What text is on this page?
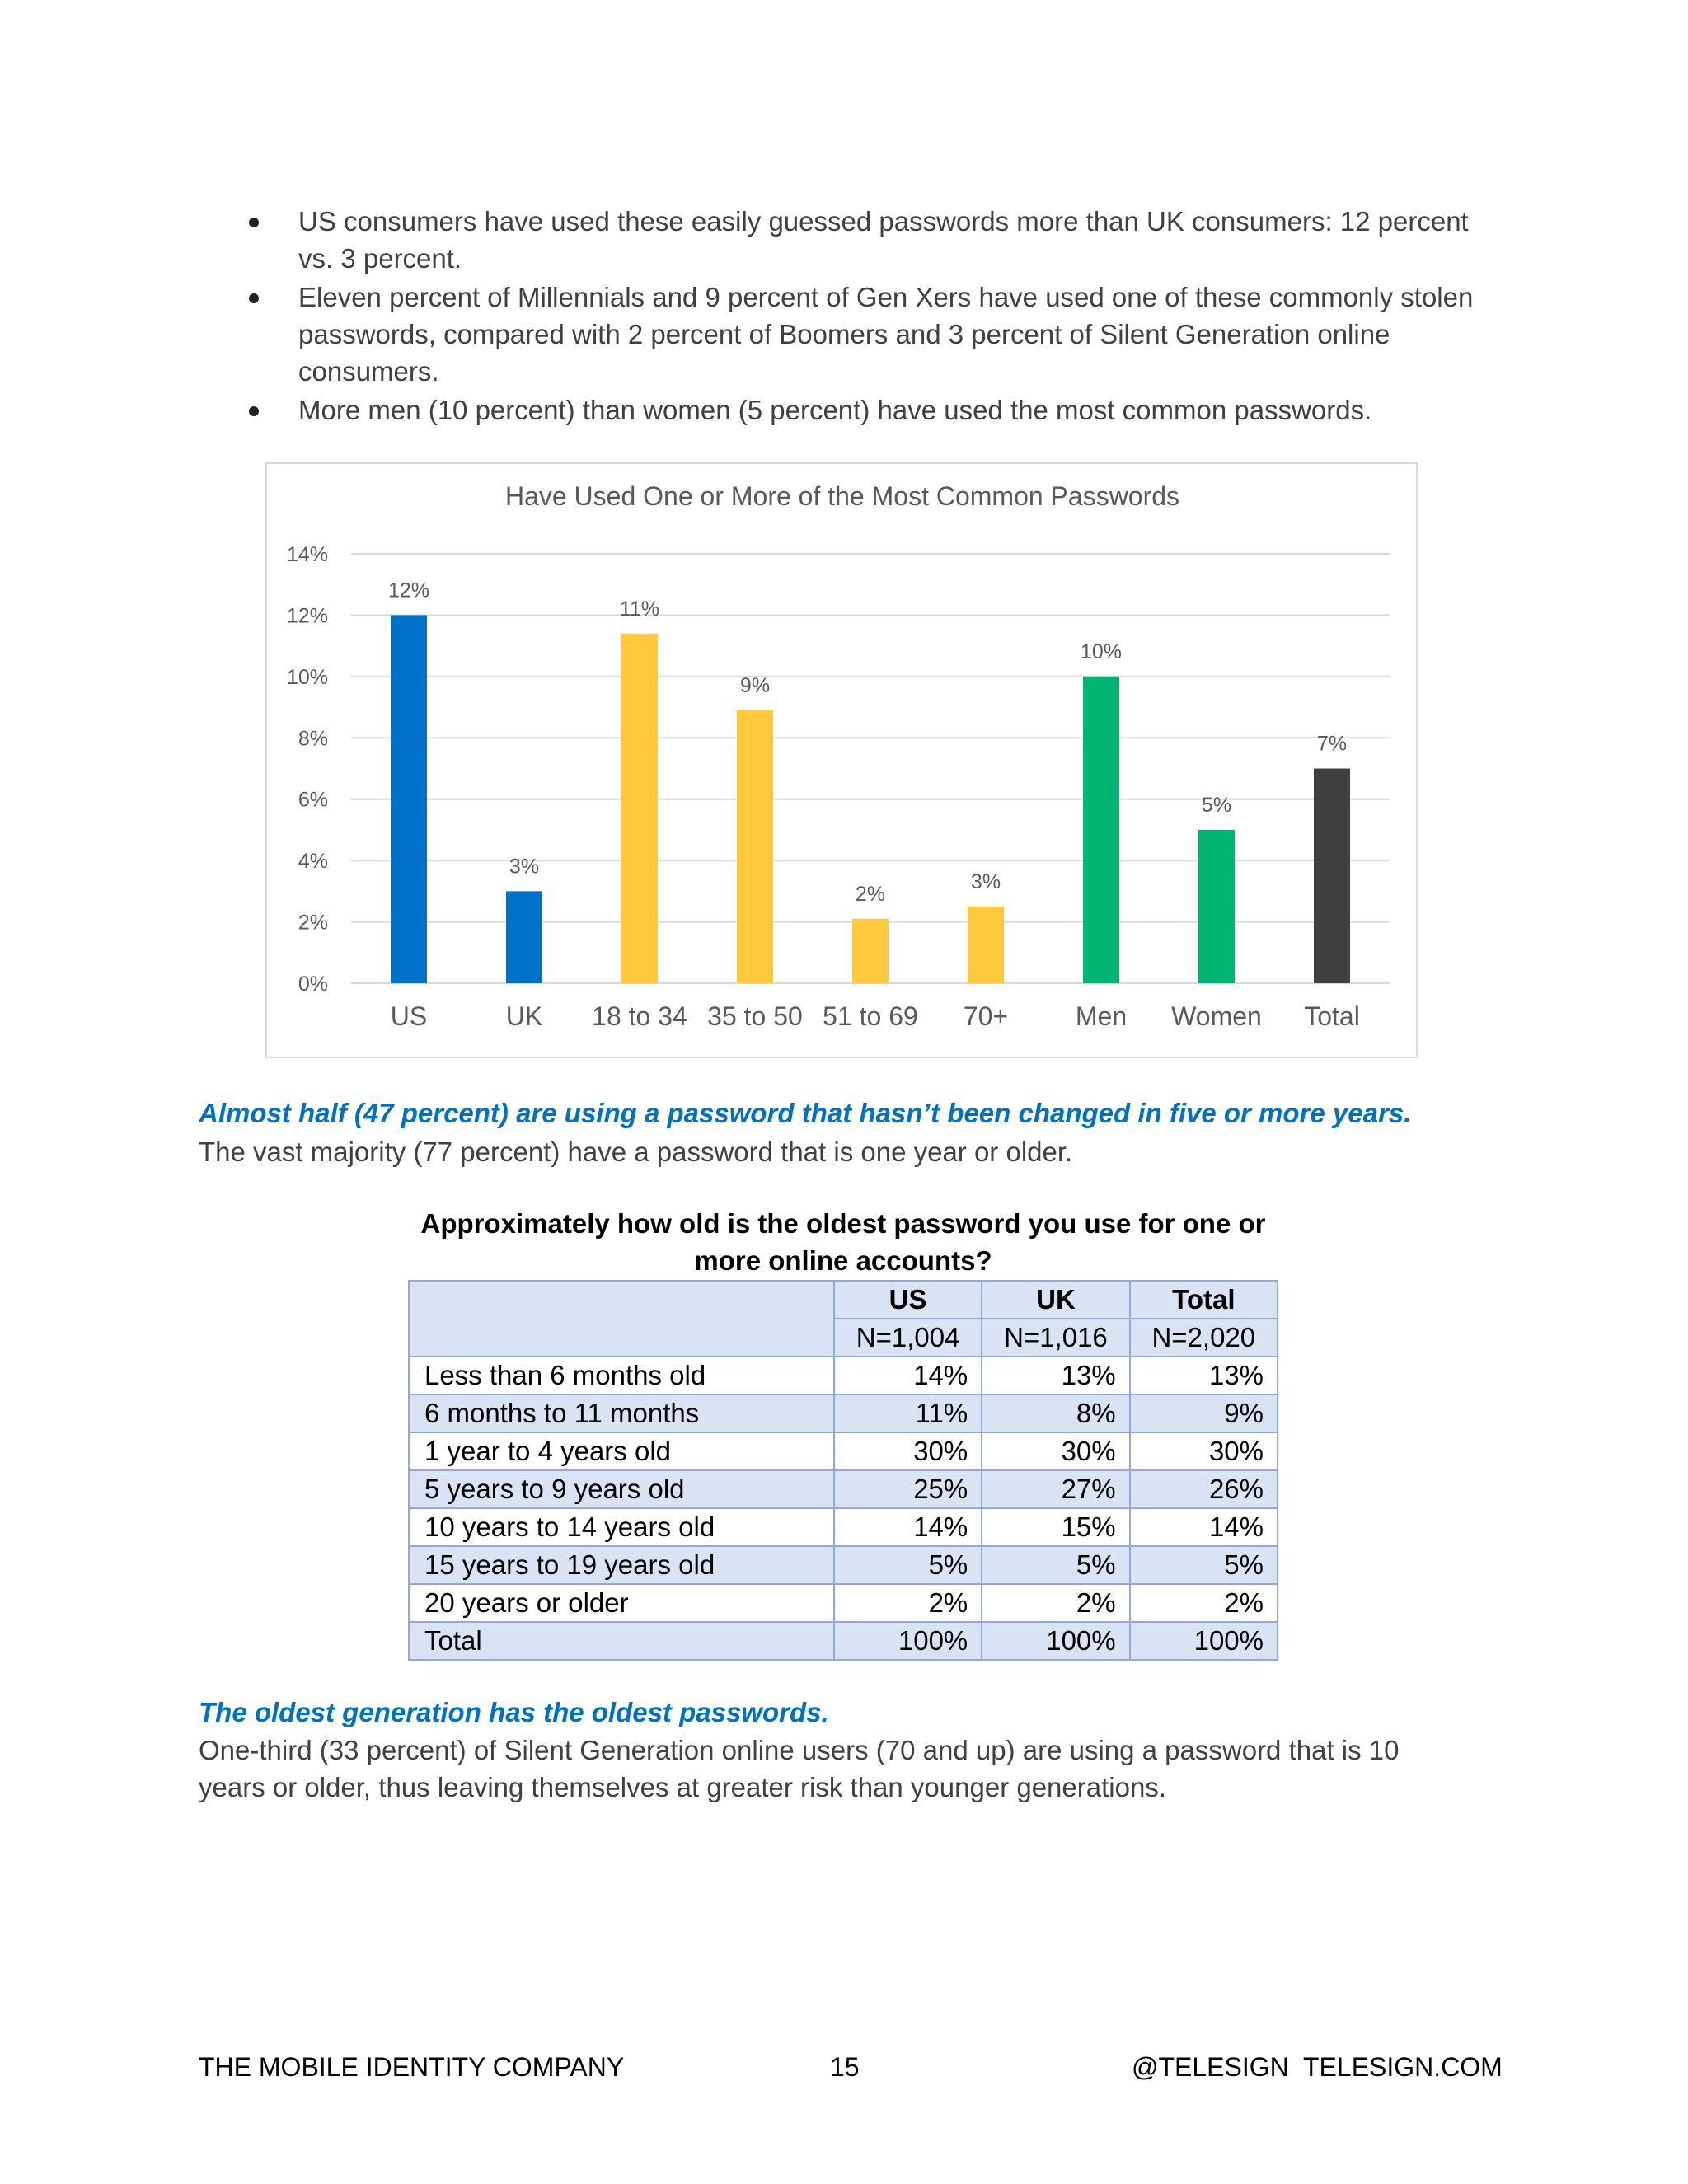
US consumers have used these easily guessed passwords more than UK consumers: 12 percent vs. 3 percent.
Eleven percent of Millennials and 9 percent of Gen Xers have used one of these commonly stolen passwords, compared with 2 percent of Boomers and 3 percent of Silent Generation online consumers.
More men (10 percent) than women (5 percent) have used the most common passwords.
Have Used One or More of the Most Common Passwords
0%
2%
4%
6%
8%
10%
12%
14%
12%
US
3%
UK
11%
18 to 34
9%
35 to 50
2%
51 to 69
3%
70+
10%
Men
5%
Women
7%
Total
Almost half (47 percent) are using a password that hasn’t been changed in five or more years.
The vast majority (77 percent) have a password that is one year or older.
Approximately how old is the oldest password you use for one or
more online accounts?
	US	UK	Total
	N=1,004	N=1,016	N=2,020
Less than 6 months old	14%	13%	13%
6 months to 11 months	11%	8%	9%
1 year to 4 years old	30%	30%	30%
5 years to 9 years old	25%	27%	26%
10 years to 14 years old	14%	15%	14%
15 years to 19 years old	5%	5%	5%
20 years or older	2%	2%	2%
Total	100%	100%	100%
The oldest generation has the oldest passwords.
One-third (33 percent) of Silent Generation online users (70 and up) are using a password that is 10
years or older, thus leaving themselves at greater risk than younger generations.
THE MOBILE IDENTITY COMPANY	15	@TELESIGN TELESIGN.COM
